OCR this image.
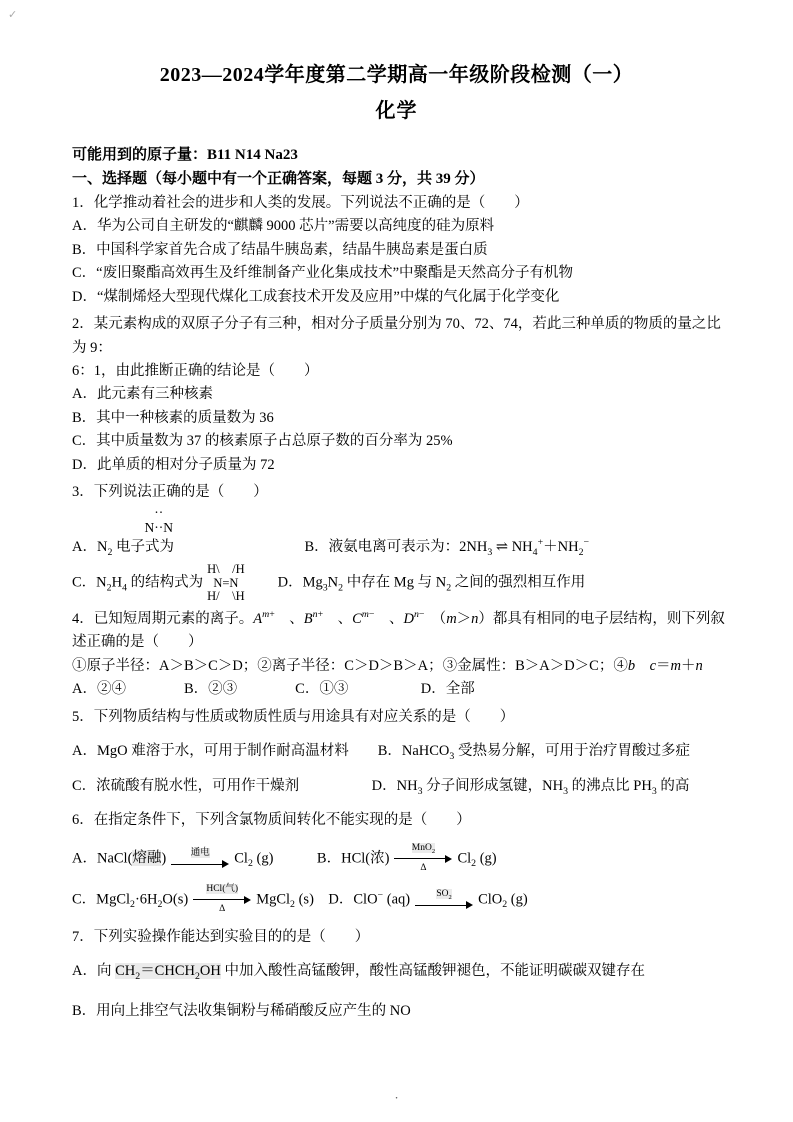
✓
2023—2024学年度第二学期高一年级阶段检测（一）
化学
可能用到的原子量：B11 N14 Na23
一、选择题（每小题中有一个正确答案，每题 3 分，共 39 分）
1．化学推动着社会的进步和人类的发展。下列说法不正确的是（　　）
A．华为公司自主研发的“麒麟 9000 芯片”需要以高纯度的硅为原料
B．中国科学家首先合成了结晶牛胰岛素，结晶牛胰岛素是蛋白质
C．“废旧聚酯高效再生及纤维制备产业化集成技术”中聚酯是天然高分子有机物
D．“煤制烯烃大型现代煤化工成套技术开发及应用”中煤的气化属于化学变化
2．某元素构成的双原子分子有三种，相对分子质量分别为 70、72、74，若此三种单质的物质的量之比为 9：
6：1，由此推断正确的结论是（　　）
A．此元素有三种核素
B．其中一种核素的质量数为 36
C．其中质量数为 37 的核素原子占总原子数的百分率为 25%
D．此单质的相对分子质量为 72
3．下列说法正确的是（　　）

··
N··N
A．$N_2$ 电子式为　　　　　　　　　B．液氨电离可表示为：$2NH_3$ ⇌ $NH_4^++NH_2^-$
C．$N_2H_4$ 的结构式为
H\    /H
N=N
H/    \H
　　D．$Mg_3N_2$ 中存在 Mg 与 $N_2$ 之间的强烈相互作用
4．已知短周期元素的离子。$A^{m+}$　、$B^{n+}$　、$C^{m-}$　、$D^{n-}$　（m＞n）都具有相同的电子层结构，则下列叙
述正确的是（　　）
①原子半径：A＞B＞C＞D；②离子半径：C＞D＞B＞A；③金属性：B＞A＞D＞C；④b　 c＝m＋n
A．②④　　　　B．②③　　　　C．①③　　　　　D．全部
5．下列物质结构与性质或物质性质与用途具有对应关系的是（　　）
A．MgO 难溶于水，可用于制作耐高温材料　　B．NaHCO$_3$ 受热易分解，可用于治疗胃酸过多症
C．浓硫酸有脱水性，可用作干燥剂　　　　　D．$NH_3$ 分子间形成氢键，$NH_3$ 的沸点比 $PH_3$ 的高
6．在指定条件下，下列含氯物质间转化不能实现的是（　　）
A．NaCl(熔融)	通电 $Cl_2$ (g)　　　B．HCl(浓)
MnO$_2$
Δ
$Cl_2$ (g)
C．$MgCl_2\cdot 6H_2O(s)$
HCl(气)
Δ
MgCl$_2$ (s)　D．ClO− (aq)	$SO_2$ ClO$_2$ (g)
7．下列实验操作能达到实验目的的是（　　）
A．向 $CH_2=CHCH_2OH$ 中加入酸性高锰酸钾，酸性高锰酸钾褪色，不能证明碳碳双键存在
B．用向上排空气法收集铜粉与稀硝酸反应产生的 NO
·
